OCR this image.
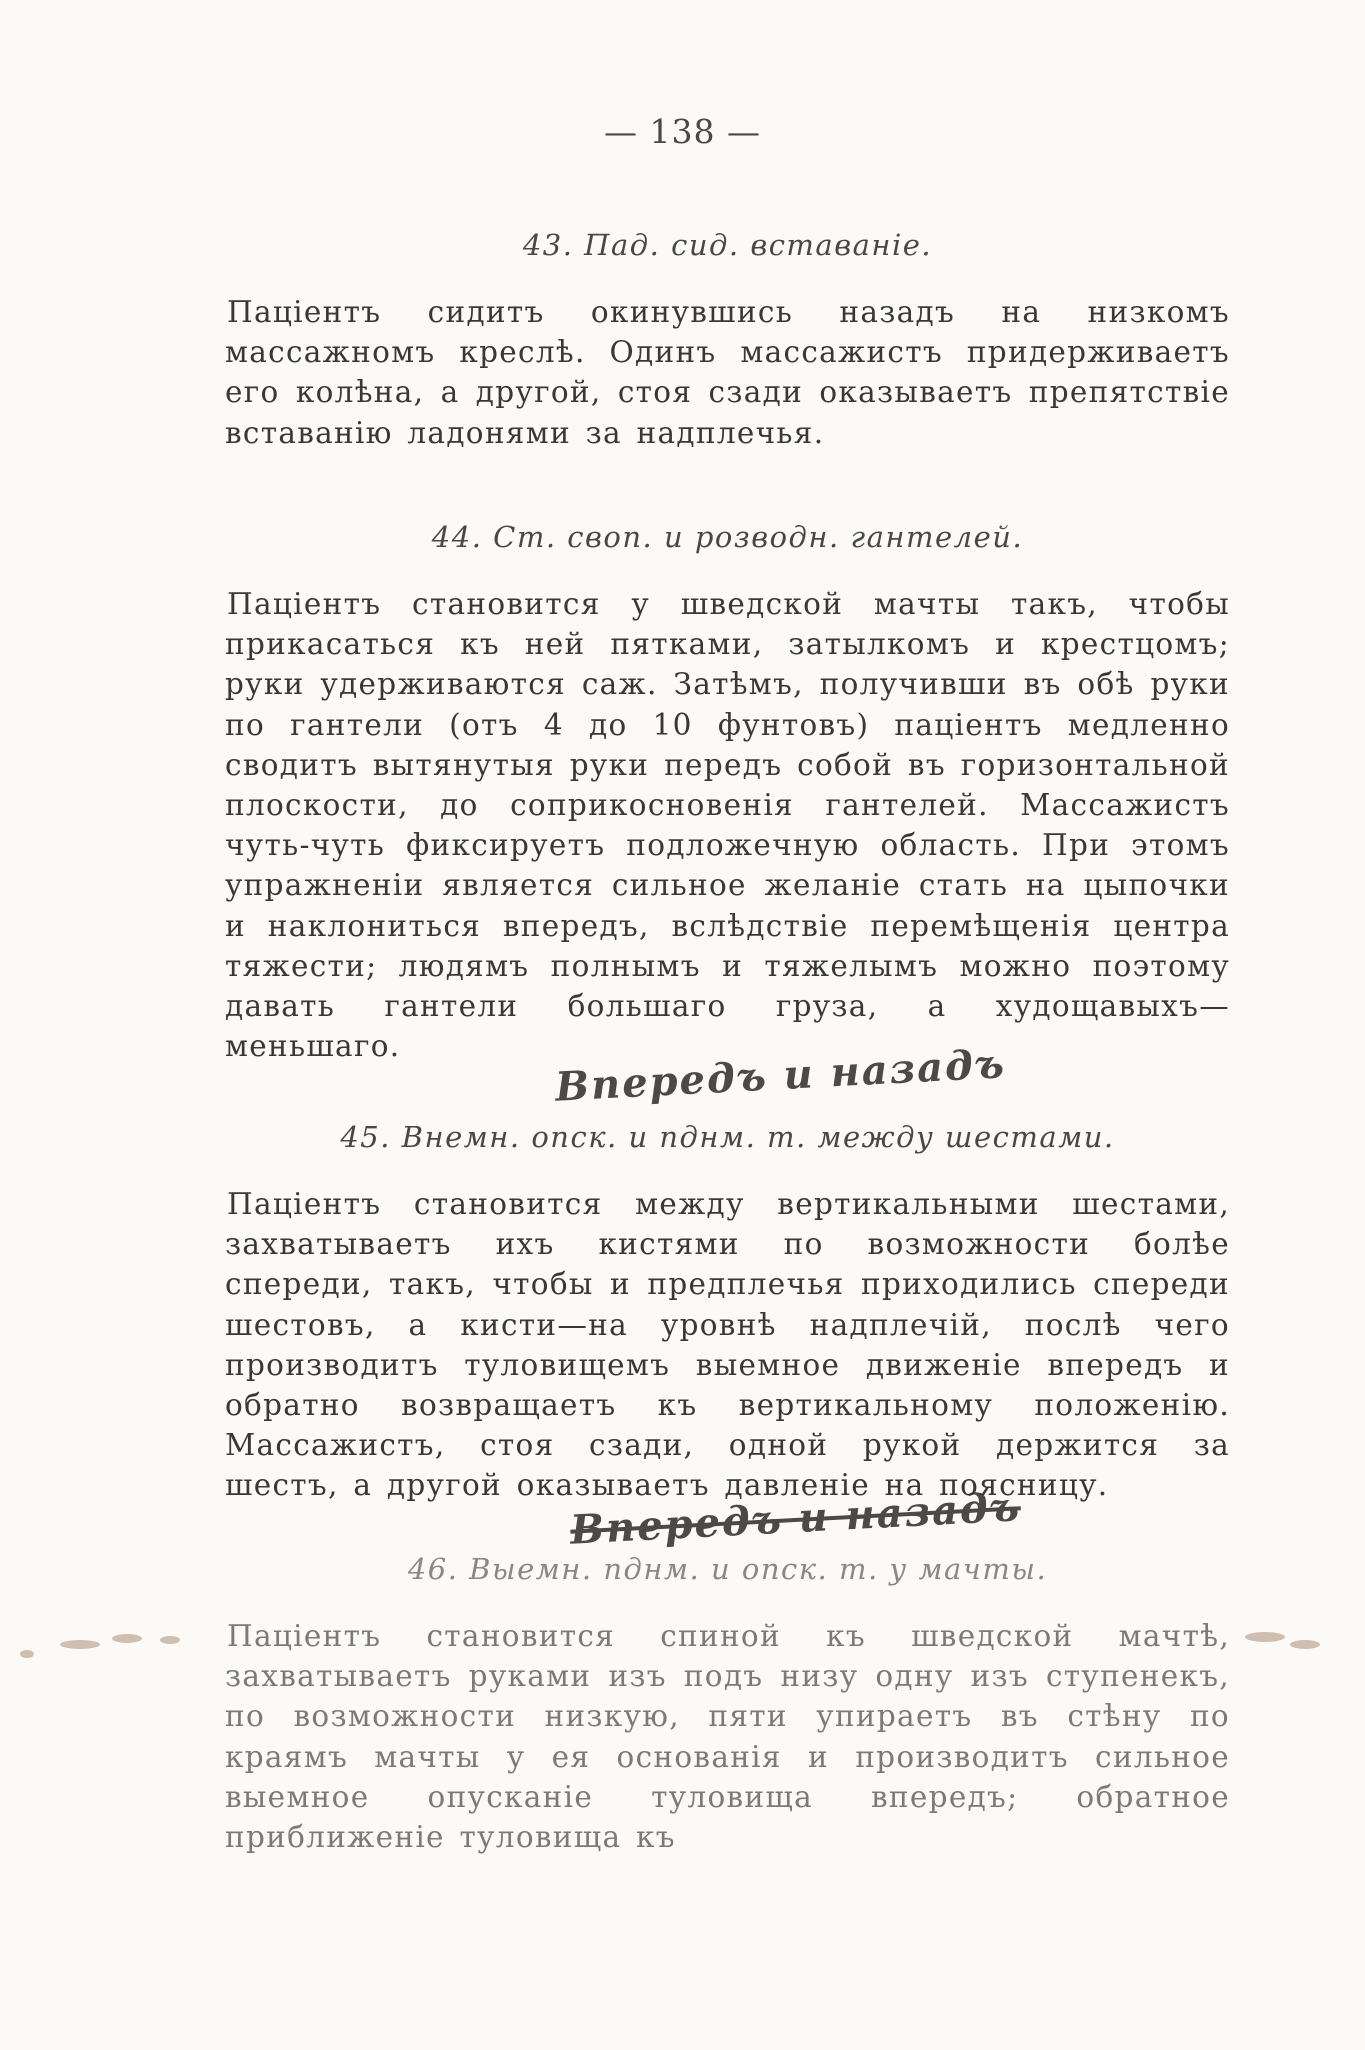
— 138 —
43. Пад. сид. вставаніе.

Паціентъ сидитъ окинувшись назадъ на низкомъ массажномъ креслѣ. Одинъ массажистъ придерживаетъ его колѣна, а другой, стоя сзади оказываетъ препятствіе вставанію ладонями за надплечья.

44. Ст. своп. и розводн. гантелей.

Паціентъ становится у шведской мачты такъ, чтобы прикасаться къ ней пятками, затылкомъ и крестцомъ; руки удерживаются саж. Затѣмъ, получивши въ обѣ руки по гантели (отъ 4 до 10 фунтовъ) паціентъ медленно сводитъ вытянутыя руки передъ собой въ горизонтальной плоскости, до соприкосновенія гантелей. Массажистъ чуть-чуть фиксируетъ подложечную область. При этомъ упражненіи является сильное желаніе стать на цыпочки и наклониться впередъ, вслѣдствіе перемѣщенія центра тяжести; людямъ полнымъ и тяжелымъ можно поэтому давать гантели большаго груза, а худощавыхъ—меньшаго.	Впередъ и назадъ
45. Внемн. опск. и пднм. т. между шестами.

Паціентъ становится между вертикальными шестами, захватываетъ ихъ кистями по возможности болѣе спереди, такъ, чтобы и предплечья приходились спереди шестовъ, а кисти—на уровнѣ надплечій, послѣ чего производитъ туловищемъ выемное движеніе впередъ и обратно возвращаетъ къ вертикальному положенію. Массажистъ, стоя сзади, одной рукой держится за шестъ, а другой оказываетъ давленіе на поясницу.

Впередъ и назадъ
46. Выемн. пднм. и опск. т. у мачты.

Паціентъ становится спиной къ шведской мачтѣ, захватываетъ руками изъ подъ низу одну изъ ступенекъ, по возможности низкую, пяти упираетъ въ стѣну по краямъ мачты у ея основанія и производитъ сильное выемное опусканіе туловища впередъ; обратное приближеніе туловища къ
